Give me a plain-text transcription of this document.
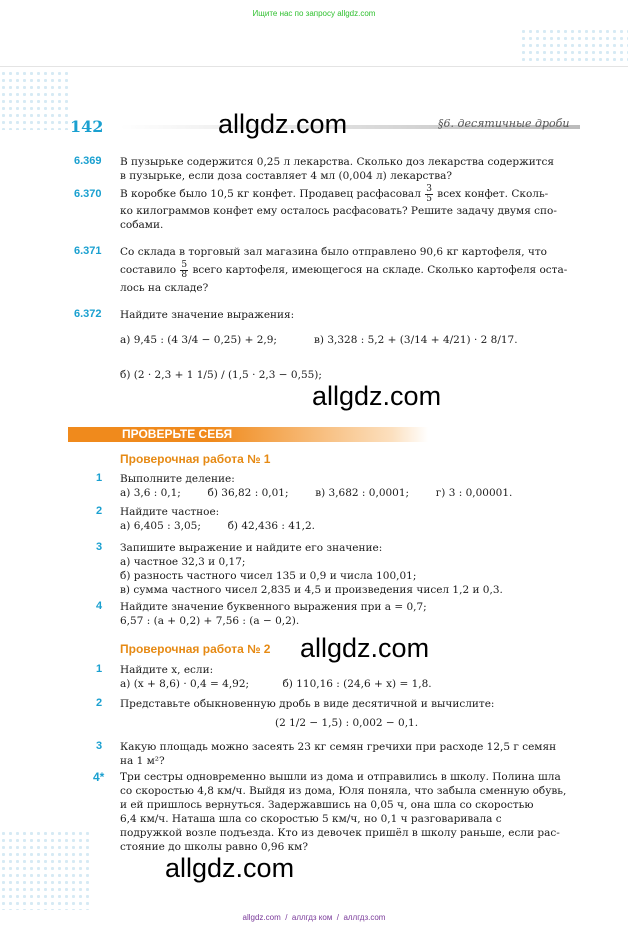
Ищите нас по запросу allgdz.com
142	§6. десятичные дроби
allgdz.com
allgdz.com
allgdz.com
allgdz.com
6.369 В пузырьке содержится 0,25 л лекарства. Сколько доз лекарства содержится
в пузырьке, если доза составляет 4 мл (0,004 л) лекарства?
6.370 В коробке было 10,5 кг конфет. Продавец расфасовал $\frac{3}{5}$ всех конфет. Сколь-
ко килограммов конфет ему осталось расфасовать? Решите задачу двумя спо-
собами.
6.371 Со склада в торговый зал магазина было отправлено 90,6 кг картофеля, что
составило $\frac{5}{8}$ всего картофеля, имеющегося на складе. Сколько картофеля оста-
лось на складе?
6.372 Найдите значение выражения:
а) 9,45 : (4 3/4 − 0,25) + 2,9;	в) 3,328 : 5,2 + (3/14 + 4/21) · 2 8/17.
б) (2 · 2,3 + 1 1/5) / (1,5 · 2,3 − 0,55);
ПРОВЕРЬТЕ СЕБЯ
Проверочная работа № 1
1 Выполните деление:
а) 3,6 : 0,1;        б) 36,82 : 0,01;        в) 3,682 : 0,0001;        г) 3 : 0,00001.
2 Найдите частное:
а) 6,405 : 3,05;        б) 42,436 : 41,2.
3 Запишите выражение и найдите его значение:
а) частное 32,3 и 0,17;
б) разность частного чисел 135 и 0,9 и числа 100,01;
в) сумма частного чисел 2,835 и 4,5 и произведения чисел 1,2 и 0,3.
4 Найдите значение буквенного выражения при a = 0,7;
6,57 : (a + 0,2) + 7,56 : (a − 0,2).
Проверочная работа № 2
1 Найдите x, если:
а) (x + 8,6) · 0,4 = 4,92;          б) 110,16 : (24,6 + x) = 1,8.
2 Представьте обыкновенную дробь в виде десятичной и вычислите:
(2 1/2 − 1,5) : 0,002 − 0,1.
3 Какую площадь можно засеять 23 кг семян гречихи при расходе 12,5 г семян
на 1 м²?
4* Три сестры одновременно вышли из дома и отправились в школу. Полина шла
со скоростью 4,8 км/ч. Выйдя из дома, Юля поняла, что забыла сменную обувь,
и ей пришлось вернуться. Задержавшись на 0,05 ч, она шла со скоростью
6,4 км/ч. Наташа шла со скоростью 5 км/ч, но 0,1 ч разговаривала с
подружкой возле подъезда. Кто из девочек пришёл в школу раньше, если рас-
стояние до школы равно 0,96 км?
allgdz.com  /  аллгдз ком  /  аллгдз.com
